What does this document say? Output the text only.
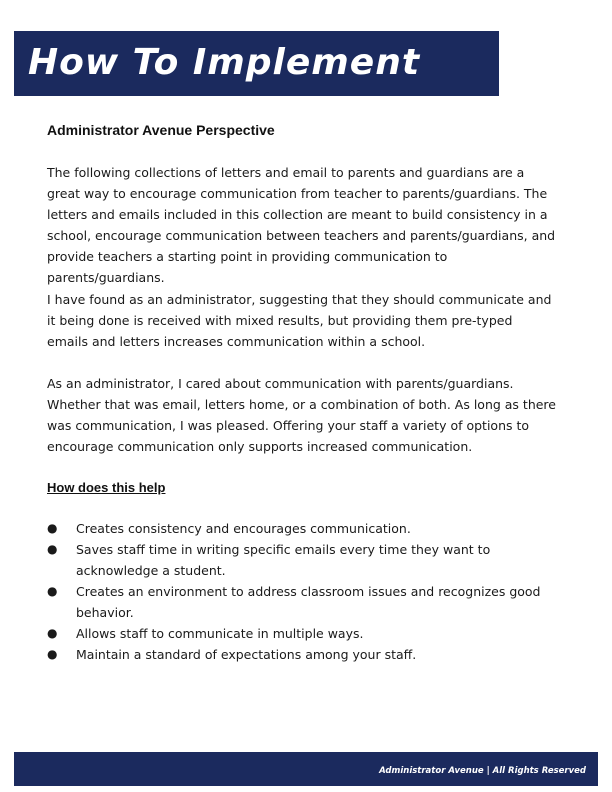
How To Implement
Administrator Avenue Perspective

The following collections of letters and email to parents and guardians are a great way to encourage communication from teacher to parents/guardians. The letters and emails included in this collection are meant to build consistency in a school, encourage communication between teachers and parents/guardians, and provide teachers a starting point in providing communication to parents/guardians.

I have found as an administrator, suggesting that they should communicate and it being done is received with mixed results, but providing them pre-typed emails and letters increases communication within a school.

As an administrator, I cared about communication with parents/guardians. Whether that was email, letters home, or a combination of both. As long as there was communication, I was pleased. Offering your staff a variety of options to encourage communication only supports increased communication.

How does this help
● Creates consistency and encourages communication.
● Saves staff time in writing specific emails every time they want to acknowledge a student.
● Creates an environment to address classroom issues and recognizes good behavior.
● Allows staff to communicate in multiple ways.
● Maintain a standard of expectations among your staff.
Administrator Avenue | All Rights Reserved
